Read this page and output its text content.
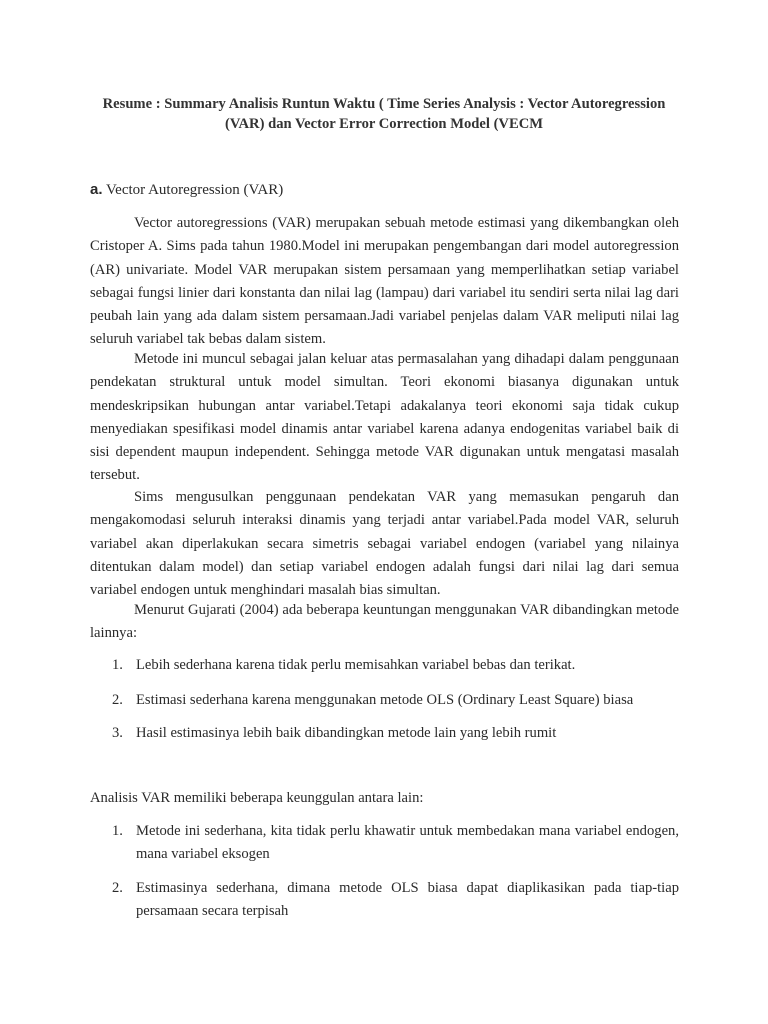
Resume : Summary Analisis Runtun Waktu ( Time Series Analysis : Vector Autoregression
(VAR) dan Vector Error Correction Model (VECM
a. Vector Autoregression (VAR)

Vector autoregressions (VAR) merupakan sebuah metode estimasi yang dikembangkan oleh Cristoper A. Sims pada tahun 1980.Model ini merupakan pengembangan dari model autoregression (AR) univariate. Model VAR merupakan sistem persamaan yang memperlihatkan setiap variabel sebagai fungsi linier dari konstanta dan nilai lag (lampau) dari variabel itu sendiri serta nilai lag dari peubah lain yang ada dalam sistem persamaan.Jadi variabel penjelas dalam VAR meliputi nilai lag seluruh variabel tak bebas dalam sistem.

Metode ini muncul sebagai jalan keluar atas permasalahan yang dihadapi dalam penggunaan pendekatan struktural untuk model simultan. Teori ekonomi biasanya digunakan untuk mendeskripsikan hubungan antar variabel.Tetapi adakalanya teori ekonomi saja tidak cukup menyediakan spesifikasi model dinamis antar variabel karena adanya endogenitas variabel baik di sisi dependent maupun independent. Sehingga metode VAR digunakan untuk mengatasi masalah tersebut.

Sims mengusulkan penggunaan pendekatan VAR yang memasukan pengaruh dan mengakomodasi seluruh interaksi dinamis yang terjadi antar variabel.Pada model VAR, seluruh variabel akan diperlakukan secara simetris sebagai variabel endogen (variabel yang nilainya ditentukan dalam model) dan setiap variabel endogen adalah fungsi dari nilai lag dari semua variabel endogen untuk menghindari masalah bias simultan.

Menurut Gujarati (2004) ada beberapa keuntungan menggunakan VAR dibandingkan metode lainnya:

1. Lebih sederhana karena tidak perlu memisahkan variabel bebas dan terikat.
2. Estimasi sederhana karena menggunakan metode OLS (Ordinary Least Square) biasa
3. Hasil estimasinya lebih baik dibandingkan metode lain yang lebih rumit

Analisis VAR memiliki beberapa keunggulan antara lain:

1. Metode ini sederhana, kita tidak perlu khawatir untuk membedakan mana variabel endogen, mana variabel eksogen
2. Estimasinya sederhana, dimana metode OLS biasa dapat diaplikasikan pada tiap-tiap persamaan secara terpisah
